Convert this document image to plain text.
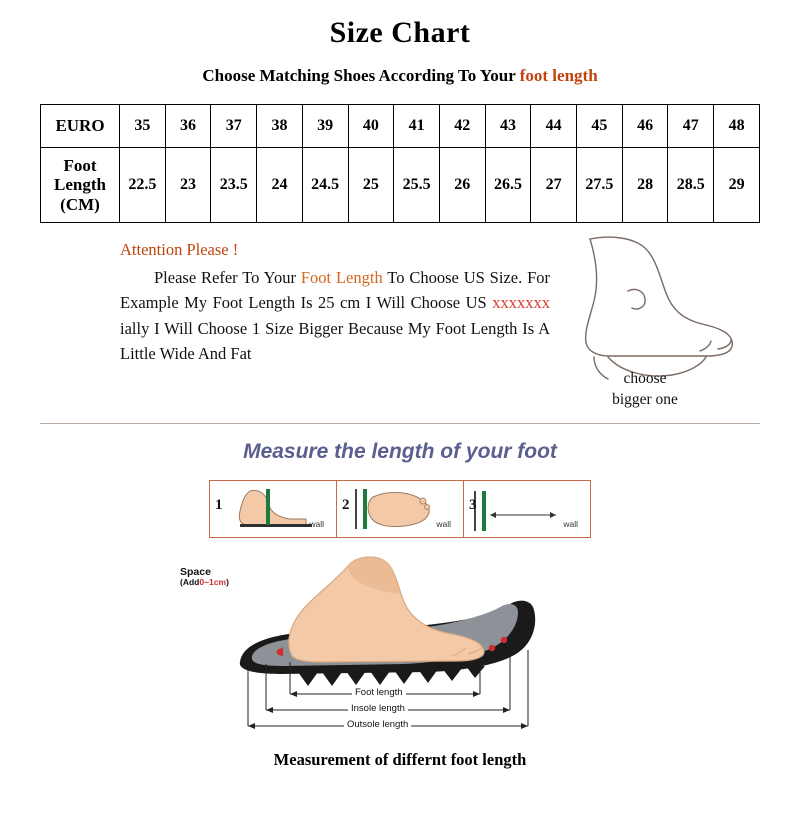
Size Chart
Choose Matching Shoes According To Your foot length
EURO	35	36	37	38	39	40	41	42	43	44	45	46	47	48

Foot
Length
(CM)	22.5	23	23.5	24	24.5	25	25.5	26	26.5	27	27.5	28	28.5	29
Attention Please !
Please Refer To Your Foot Length To Choose US Size. For Example My Foot Length Is 25 cm I Will Choose US xxxxxxx ially I Will Choose 1 Size Bigger Because My Foot Length Is A Little Wide And Fat
choose
bigger one
Measure the length of your foot
1
wall
2
wall
3
wall
Space
(Add0~1cm)
Foot length
Insole length
Outsole length
Measurement of differnt foot length
